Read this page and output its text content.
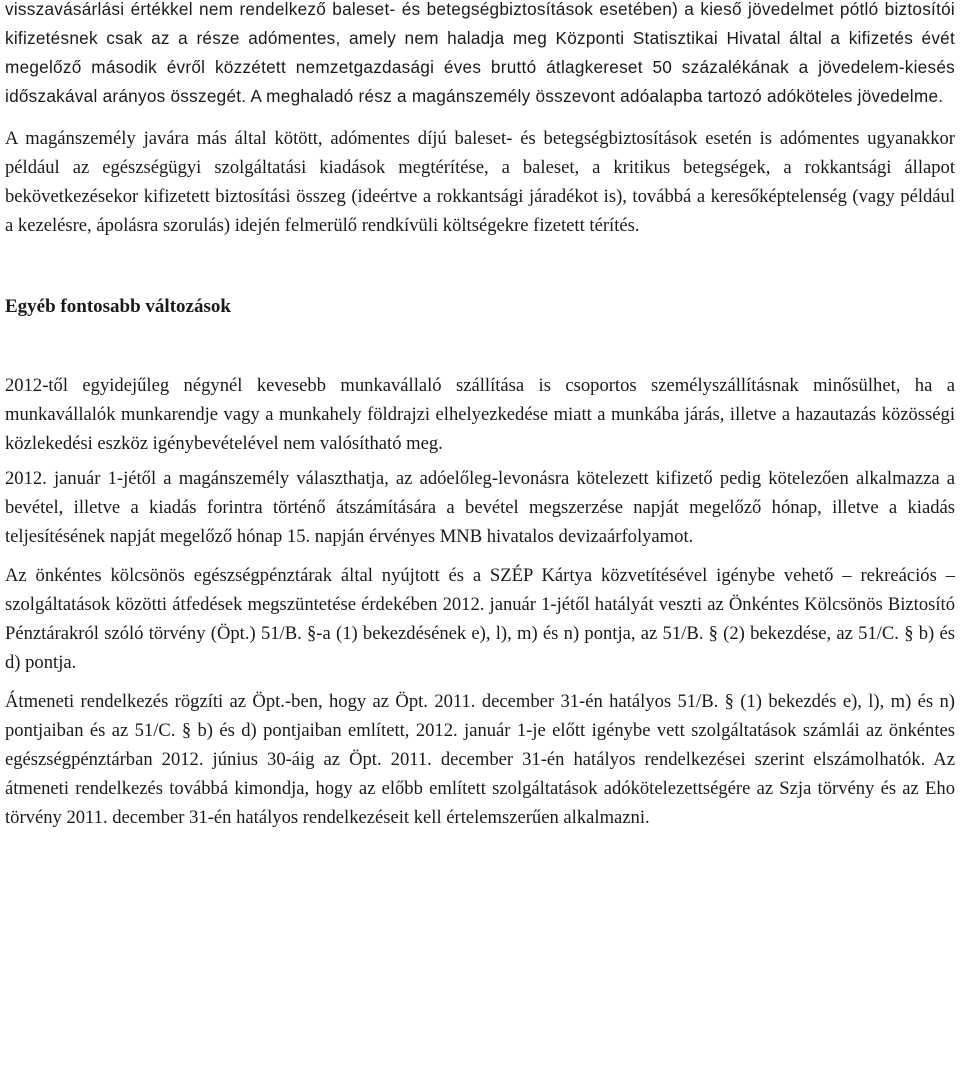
visszavásárlási értékkel nem rendelkező baleset- és betegségbiztosítások esetében) a kieső jövedelmet pótló biztosítói kifizetésnek csak az a része adómentes, amely nem haladja meg Központi Statisztikai Hivatal által a kifizetés évét megelőző második évről közzétett nemzetgazdasági éves bruttó átlagkereset 50 százalékának a jövedelem-kiesés időszakával arányos összegét. A meghaladó rész a magánszemély összevont adóalapba tartozó adóköteles jövedelme.

A magánszemély javára más által kötött, adómentes díjú baleset- és betegségbiztosítások esetén is adómentes ugyanakkor például az egészségügyi szolgáltatási kiadások megtérítése, a baleset, a kritikus betegségek, a rokkantsági állapot bekövetkezésekor kifizetett biztosítási összeg (ideértve a rokkantsági járadékot is), továbbá a keresőképtelenség (vagy például a kezelésre, ápolásra szorulás) idején felmerülő rendkívüli költségekre fizetett térítés.

Egyéb fontosabb változások

2012-től egyidejűleg négynél kevesebb munkavállaló szállítása is csoportos személyszállításnak minősülhet, ha a munkavállalók munkarendje vagy a munkahely földrajzi elhelyezkedése miatt a munkába járás, illetve a hazautazás közösségi közlekedési eszköz igénybevételével nem valósítható meg.

2012. január 1-jétől a magánszemély választhatja, az adóelőleg-levonásra kötelezett kifizető pedig kötelezően alkalmazza a bevétel, illetve a kiadás forintra történő átszámítására a bevétel megszerzése napját megelőző hónap, illetve a kiadás teljesítésének napját megelőző hónap 15. napján érvényes MNB hivatalos devizaárfolyamot.

Az önkéntes kölcsönös egészségpénztárak által nyújtott és a SZÉP Kártya közvetítésével igénybe vehető – rekreációs – szolgáltatások közötti átfedések megszüntetése érdekében 2012. január 1-jétől hatályát veszti az Önkéntes Kölcsönös Biztosító Pénztárakról szóló törvény (Öpt.) 51/B. §-a (1) bekezdésének e), l), m) és n) pontja, az 51/B. § (2) bekezdése, az 51/C. § b) és d) pontja.

Átmeneti rendelkezés rögzíti az Öpt.-ben, hogy az Öpt. 2011. december 31-én hatályos 51/B. § (1) bekezdés e), l), m) és n) pontjaiban és az 51/C. § b) és d) pontjaiban említett, 2012. január 1-je előtt igénybe vett szolgáltatások számlái az önkéntes egészségpénztárban 2012. június 30-áig az Öpt. 2011. december 31-én hatályos rendelkezései szerint elszámolhatók. Az átmeneti rendelkezés továbbá kimondja, hogy az előbb említett szolgáltatások adókötelezettségére az Szja törvény és az Eho törvény 2011. december 31-én hatályos rendelkezéseit kell értelemszerűen alkalmazni.
